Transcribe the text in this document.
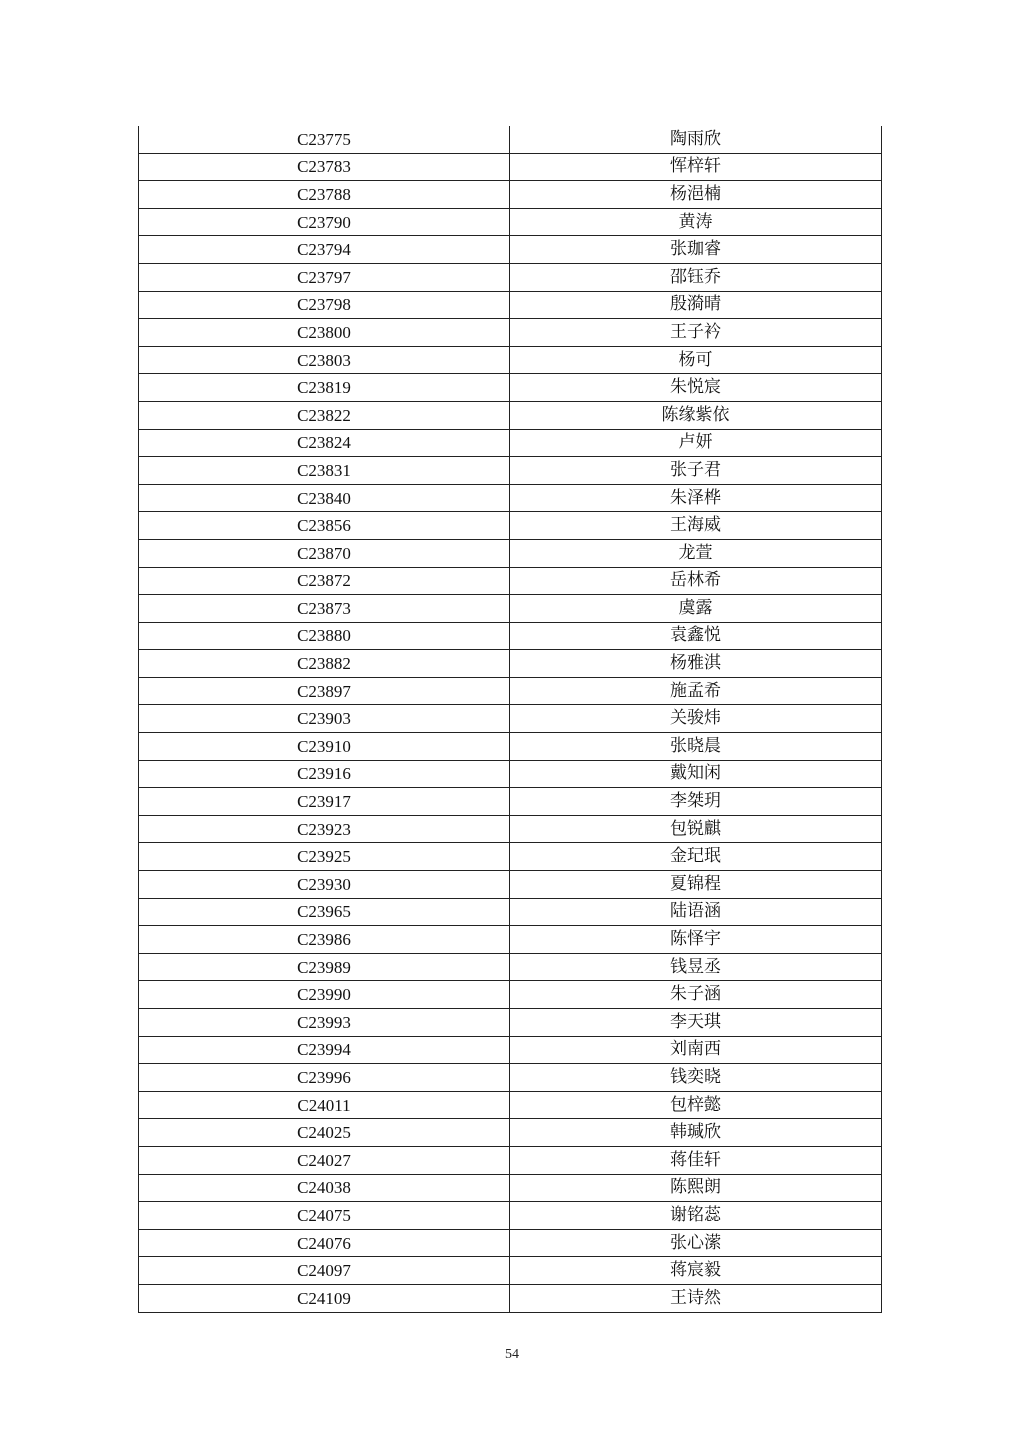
C23775	陶雨欣
C23783	恽梓轩
C23788	杨浥楠
C23790	黄涛
C23794	张珈睿
C23797	邵钰乔
C23798	殷漪晴
C23800	王子衿
C23803	杨可
C23819	朱悦宸
C23822	陈缘紫依
C23824	卢妍
C23831	张子君
C23840	朱泽桦
C23856	王海威
C23870	龙萱
C23872	岳林希
C23873	虞露
C23880	袁鑫悦
C23882	杨雅淇
C23897	施孟希
C23903	关骏炜
C23910	张晓晨
C23916	戴知闲
C23917	李桀玥
C23923	包锐麒
C23925	金玘珉
C23930	夏锦程
C23965	陆语涵
C23986	陈怿宇
C23989	钱昱丞
C23990	朱子涵
C23993	李天琪
C23994	刘南西
C23996	钱奕晓
C24011	包梓懿
C24025	韩瑊欣
C24027	蒋佳轩
C24038	陈熙朗
C24075	谢铭蕊
C24076	张心潆
C24097	蒋宸毅
C24109	王诗然
54
